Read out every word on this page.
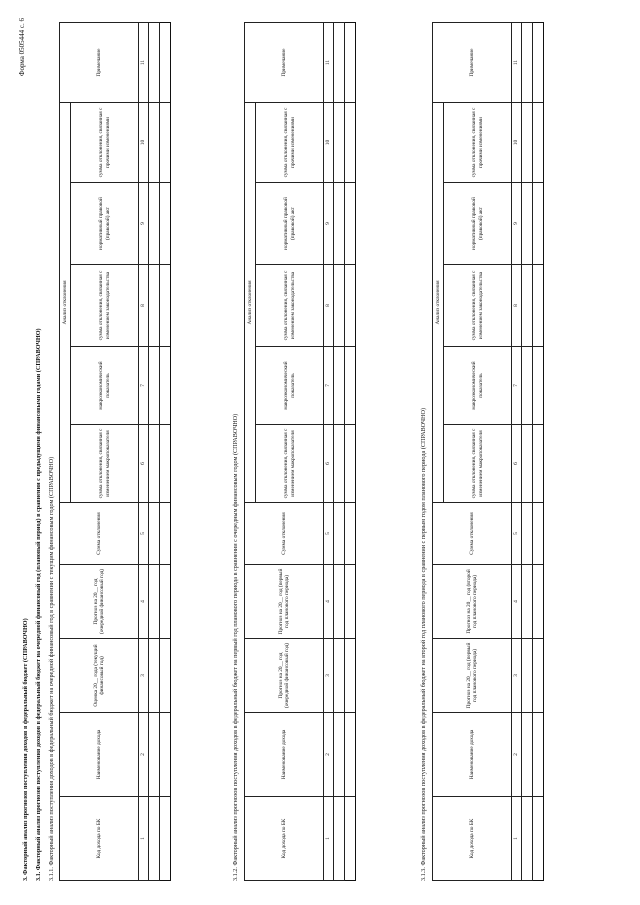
Форма 0505444 с. 6
3. Факторный анализ прогнозов поступления доходов в федеральный бюджет (СПРАВОЧНО) 3.1. Факторный анализ прогнозов поступления доходов в федеральный бюджет на очередной финансовый год (плановый период) в сравнении с предыдущими финансовыми годами (СПРАВОЧНО) 3.1.1. Факторный анализ поступления доходов в федеральный бюджет на очередной финансовый год в сравнении с текущим финансовым годом (СПРАВОЧНО)	Код дохода по БК	Наименование дохода	Оценка 20__ года (текущий финансовый год)	Прогноз на 20__ год (очередной финансовый год)	Сумма отклонения	Анализ отклонения					Примечание
					сумма отклонения, связанная с изменением макропоказателя	макроэкономический показатель	сумма отклонения, связанная с изменением законодательства	нормативный правовой (правовой) акт	сумма отклонения, связанная с прочими изменениями	
1	2	3	4	5	6	7	8	9	10	11

3.1.2. Факторный анализ прогнозов поступления доходов в федеральный бюджет на первый год планового периода в сравнении с очередным финансовым годом (СПРАВОЧНО)	Код дохода по БК	Наименование дохода	Прогноз на 20__ год (очередной финансовый год)	Прогноз на 20__ год (первый год планового периода)	Сумма отклонения	Анализ отклонения					Примечание
					сумма отклонения, связанная с изменением макропоказателя	макроэкономический показатель	сумма отклонения, связанная с изменением законодательства	нормативный правовой (правовой) акт	сумма отклонения, связанная с прочими изменениями	
1	2	3	4	5	6	7	8	9	10	11

3.1.3. Факторный анализ прогнозов поступления доходов в федеральный бюджет на второй год планового периода в сравнении с первым годом планового периода (СПРАВОЧНО)	Код дохода по БК	Наименование дохода	Прогноз на 20__ год (первый год планового периода)	Прогноз на 20__ год (второй год планового периода)	Сумма отклонения	Анализ отклонения					Примечание
					сумма отклонения, связанная с изменением макропоказателя	макроэкономический показатель	сумма отклонения, связанная с изменением законодательства	нормативный правовой (правовой) акт	сумма отклонения, связанная с прочими изменениями	
1	2	3	4	5	6	7	8	9	10	11
